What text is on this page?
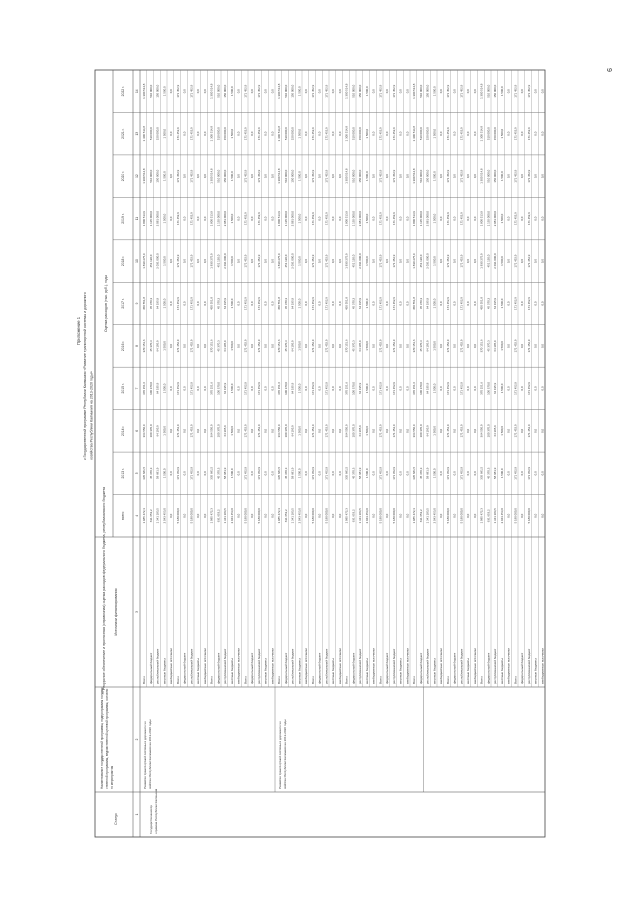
Приложение 1 к Государственной программе Республики Калмыкия «Развитие транспортной системы и дорожного хозяйства Республики Калмыкия на 2013-2020 годы»
Ресурсное обеспечение и прогнозная (справочная) оценка расходов федерального бюджета, республиканского бюджета
Статус
Наименование государственной программы, подпрограммы государ ственной программы, ведомственной целевой программы, основно го мероприятия
Источники финансирования
Оценка расходов (тыс. руб.), годы
всего
2013 г.
2014 г.
2015 г.
2016 г.
2017 г.
2018 г.
2019 г.
2020 г.
2021 г.
2022 г.
1
2
3
4
5
6
7
8
9
10
11
12
13
14
Государственная пр ограмма Республики Калмыкия
Развитие транспортной системы и дорожного хо зяйства Республики Калмыкия на 2013-2020 годы	Развитие транспортной системы и дорожного хо зяйства Республики Калмыкия на 2013-2020 годы
Всего
1 985 472,3
335 681,5
364 550,9
370 151,6
370 151,6
450 551,8
1 830 275,9
1 800 513,9
1 300 514,8
1 300 514,8
1 300 514,8
федеральный бюджет
631 653,2
45 370,3
100 370,0
100 370,0
45 370,3
45 370,3
451 120,0
1 135 000,0
510 000,0
510 000,0
510 000,0
республиканский бюджет
1 341 183,5
58 681,9
64 195,9
64 195,9
64 195,9
64 195,9
2 031 000,0
2 081 000,0
150 000,0
150 000,0
150 000,0
местные бюджеты
2 043 453,0
1 500,0
1 500,0
1 500,0
1 500,0
1 500,0
1 500,0
1 500,0
1 500,0
1 500,0
1 500,0
внебюджетные источники
0,0
0,0
0,0
0,0
0,0
0,0
0,0
0,0
0,0
0,0
0,0
Всего
5 180 000,0
171 452,9
171 452,9
171 452,9
171 452,9
171 452,9
171 452,9
171 452,9
171 452,9
171 452,9
171 452,9
федеральный бюджет
0,0
0,0
0,0
0,0
0,0
0,0
0,0
0,0
0,0
0,0
0,0
республиканский бюджет
5 180 000,0
171 452,9
171 452,9
171 452,9
171 452,9
171 452,9
171 452,9
171 452,9
171 452,9
171 452,9
171 452,9
местные бюджеты
0,0
0,0
0,0
0,0
0,0
0,0
0,0
0,0
0,0
0,0
0,0
внебюджетные источники
0,0
0,0
0,0
0,0
0,0
0,0
0,0
0,0
0,0
0,0
0,0
Всего
1 985 472,3
335 681,5
364 550,9
370 151,6
370 151,6
450 551,8
1 830 275,9
1 800 513,9
1 300 514,8
1 300 514,8
1 300 514,8
федеральный бюджет
631 653,2
45 370,3
100 370,0
100 370,0
45 370,3
45 370,3
451 120,0
1 135 000,0
510 000,0
510 000,0
510 000,0
республиканский бюджет
1 341 183,5
58 681,9
64 195,9
64 195,9
64 195,9
64 195,9
2 031 000,0
2 081 000,0
150 000,0
150 000,0
150 000,0
местные бюджеты
2 043 453,0
1 500,0
1 500,0
1 500,0
1 500,0
1 500,0
1 500,0
1 500,0
1 500,0
1 500,0
1 500,0
внебюджетные источники
0,0
0,0
0,0
0,0
0,0
0,0
0,0
0,0
0,0
0,0
0,0
Всего
5 180 000,0
171 452,9
171 452,9
171 452,9
171 452,9
171 452,9
171 452,9
171 452,9
171 452,9
171 452,9
171 452,9
федеральный бюджет
0,0
0,0
0,0
0,0
0,0
0,0
0,0
0,0
0,0
0,0
0,0
республиканский бюджет
5 180 000,0
171 452,9
171 452,9
171 452,9
171 452,9
171 452,9
171 452,9
171 452,9
171 452,9
171 452,9
171 452,9
местные бюджеты
0,0
0,0
0,0
0,0
0,0
0,0
0,0
0,0
0,0
0,0
0,0
внебюджетные источники
0,0
0,0
0,0
0,0
0,0
0,0
0,0
0,0
0,0
0,0
0,0
Всего
1 985 472,3
335 681,5
364 550,9
370 151,6
370 151,6
450 551,8
1 830 275,9
1 800 513,9
1 300 514,8
1 300 514,8
1 300 514,8
федеральный бюджет
631 653,2
45 370,3
100 370,0
100 370,0
45 370,3
45 370,3
451 120,0
1 135 000,0
510 000,0
510 000,0
510 000,0
республиканский бюджет
1 341 183,5
58 681,9
64 195,9
64 195,9
64 195,9
64 195,9
2 031 000,0
2 081 000,0
150 000,0
150 000,0
150 000,0
местные бюджеты
2 043 453,0
1 500,0
1 500,0
1 500,0
1 500,0
1 500,0
1 500,0
1 500,0
1 500,0
1 500,0
1 500,0
внебюджетные источники
0,0
0,0
0,0
0,0
0,0
0,0
0,0
0,0
0,0
0,0
0,0
Всего
5 180 000,0
171 452,9
171 452,9
171 452,9
171 452,9
171 452,9
171 452,9
171 452,9
171 452,9
171 452,9
171 452,9
федеральный бюджет
0,0
0,0
0,0
0,0
0,0
0,0
0,0
0,0
0,0
0,0
0,0
республиканский бюджет
5 180 000,0
171 452,9
171 452,9
171 452,9
171 452,9
171 452,9
171 452,9
171 452,9
171 452,9
171 452,9
171 452,9
местные бюджеты
0,0
0,0
0,0
0,0
0,0
0,0
0,0
0,0
0,0
0,0
0,0
внебюджетные источники
0,0
0,0
0,0
0,0
0,0
0,0
0,0
0,0
0,0
0,0
0,0
Всего
1 985 472,3
335 681,5
364 550,9
370 151,6
370 151,6
450 551,8
1 830 275,9
1 800 513,9
1 300 514,8
1 300 514,8
1 300 514,8
федеральный бюджет
631 653,2
45 370,3
100 370,0
100 370,0
45 370,3
45 370,3
451 120,0
1 135 000,0
510 000,0
510 000,0
510 000,0
республиканский бюджет
1 341 183,5
58 681,9
64 195,9
64 195,9
64 195,9
64 195,9
2 031 000,0
2 081 000,0
150 000,0
150 000,0
150 000,0
местные бюджеты
2 043 453,0
1 500,0
1 500,0
1 500,0
1 500,0
1 500,0
1 500,0
1 500,0
1 500,0
1 500,0
1 500,0
внебюджетные источники
0,0
0,0
0,0
0,0
0,0
0,0
0,0
0,0
0,0
0,0
0,0
Всего
5 180 000,0
171 452,9
171 452,9
171 452,9
171 452,9
171 452,9
171 452,9
171 452,9
171 452,9
171 452,9
171 452,9
федеральный бюджет
0,0
0,0
0,0
0,0
0,0
0,0
0,0
0,0
0,0
0,0
0,0
республиканский бюджет
5 180 000,0
171 452,9
171 452,9
171 452,9
171 452,9
171 452,9
171 452,9
171 452,9
171 452,9
171 452,9
171 452,9
местные бюджеты
0,0
0,0
0,0
0,0
0,0
0,0
0,0
0,0
0,0
0,0
0,0
внебюджетные источники
0,0
0,0
0,0
0,0
0,0
0,0
0,0
0,0
0,0
0,0
0,0
Всего
1 985 472,3
335 681,5
364 550,9
370 151,6
370 151,6
450 551,8
1 830 275,9
1 800 513,9
1 300 514,8
1 300 514,8
1 300 514,8
федеральный бюджет
631 653,2
45 370,3
100 370,0
100 370,0
45 370,3
45 370,3
451 120,0
1 135 000,0
510 000,0
510 000,0
510 000,0
республиканский бюджет
1 341 183,5
58 681,9
64 195,9
64 195,9
64 195,9
64 195,9
2 031 000,0
2 081 000,0
150 000,0
150 000,0
150 000,0
местные бюджеты
2 043 453,0
1 500,0
1 500,0
1 500,0
1 500,0
1 500,0
1 500,0
1 500,0
1 500,0
1 500,0
1 500,0
внебюджетные источники
0,0
0,0
0,0
0,0
0,0
0,0
0,0
0,0
0,0
0,0
0,0
Всего
5 180 000,0
171 452,9
171 452,9
171 452,9
171 452,9
171 452,9
171 452,9
171 452,9
171 452,9
171 452,9
171 452,9
федеральный бюджет
0,0
0,0
0,0
0,0
0,0
0,0
0,0
0,0
0,0
0,0
0,0
республиканский бюджет
5 180 000,0
171 452,9
171 452,9
171 452,9
171 452,9
171 452,9
171 452,9
171 452,9
171 452,9
171 452,9
171 452,9
местные бюджеты
0,0
0,0
0,0
0,0
0,0
0,0
0,0
0,0
0,0
0,0
0,0
внебюджетные источники
0,0
0,0
0,0
0,0
0,0
0,0
0,0
0,0
0,0
0,0
0,0
Всего
1 985 472,3
335 681,5
364 550,9
370 151,6
370 151,6
450 551,8
1 830 275,9
1 800 513,9
1 300 514,8
1 300 514,8
1 300 514,8
федеральный бюджет
631 653,2
45 370,3
100 370,0
100 370,0
45 370,3
45 370,3
451 120,0
1 135 000,0
510 000,0
510 000,0
510 000,0
республиканский бюджет
1 341 183,5
58 681,9
64 195,9
64 195,9
64 195,9
64 195,9
2 031 000,0
2 081 000,0
150 000,0
150 000,0
150 000,0
местные бюджеты
2 043 453,0
1 500,0
1 500,0
1 500,0
1 500,0
1 500,0
1 500,0
1 500,0
1 500,0
1 500,0
1 500,0
внебюджетные источники
0,0
0,0
0,0
0,0
0,0
0,0
0,0
0,0
0,0
0,0
0,0
Всего
5 180 000,0
171 452,9
171 452,9
171 452,9
171 452,9
171 452,9
171 452,9
171 452,9
171 452,9
171 452,9
171 452,9
федеральный бюджет
0,0
0,0
0,0
0,0
0,0
0,0
0,0
0,0
0,0
0,0
0,0
республиканский бюджет
5 180 000,0
171 452,9
171 452,9
171 452,9
171 452,9
171 452,9
171 452,9
171 452,9
171 452,9
171 452,9
171 452,9
местные бюджеты
0,0
0,0
0,0
0,0
0,0
0,0
0,0
0,0
0,0
0,0
0,0
внебюджетные источники
0,0
0,0
0,0
0,0
0,0
0,0
0,0
0,0
0,0
0,0
0,0
9
